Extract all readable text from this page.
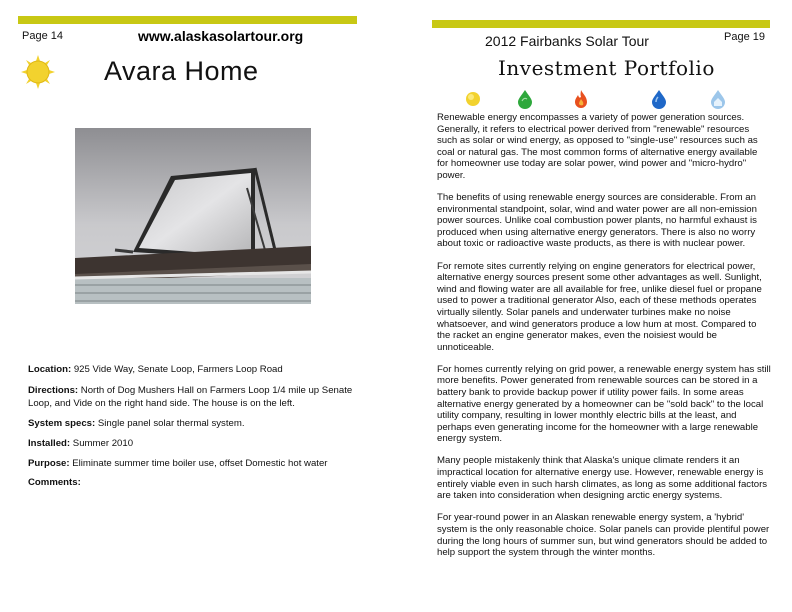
Page 14	www.alaskasolartour.org
Avara Home
Location: 925 Vide Way, Senate Loop, Farmers Loop Road
Directions: North of Dog Mushers Hall on Farmers Loop 1/4 mile up Senate Loop, and Vide on the right hand side. The house is on the left.
System specs: Single panel solar thermal system.
Installed: Summer 2010
Purpose: Eliminate summer time boiler use, offset Domestic hot water
Comments:
2012 Fairbanks Solar Tour	Page 19
Investment Portfolio

Renewable energy encompasses a variety of power generation sources. Generally, it refers to electrical power derived from "renewable" resources such as solar or wind energy, as opposed to "single-use" resources such as coal or natural gas. The most common forms of alternative energy available for homeowner use today are solar power, wind power and "micro-hydro" power.

The benefits of using renewable energy sources are considerable. From an environmental standpoint, solar, wind and water power are all non-emission power sources. Unlike coal combustion power plants, no harmful exhaust is produced when using alternative energy generators. There is also no worry about toxic or radioactive waste products, as there is with nuclear power.

For remote sites currently relying on engine generators for electrical power, alternative energy sources present some other advantages as well. Sunlight, wind and flowing water are all available for free, unlike diesel fuel or propane used to power a traditional generator Also, each of these methods operates virtually silently. Solar panels and underwater turbines make no noise whatsoever, and wind generators produce a low hum at most. Compared to the racket an engine generator makes, even the noisiest would be unnoticeable.

For homes currently relying on grid power, a renewable energy system has still more benefits. Power generated from renewable sources can be stored in a battery bank to provide backup power if utility power fails. In some areas alternative energy generated by a homeowner can be "sold back" to the local utility company, resulting in lower monthly electric bills at the least, and perhaps even generating income for the homeowner with a large renewable energy system.

Many people mistakenly think that Alaska's unique climate renders it an impractical location for alternative energy use. However, renewable energy is entirely viable even in such harsh climates, as long as some additional factors are taken into consideration when designing arctic energy systems.

For year-round power in an Alaskan renewable energy system, a 'hybrid' system is the only reasonable choice. Solar panels can provide plentiful power during the long hours of summer sun, but wind generators should be added to help support the system through the winter months.
